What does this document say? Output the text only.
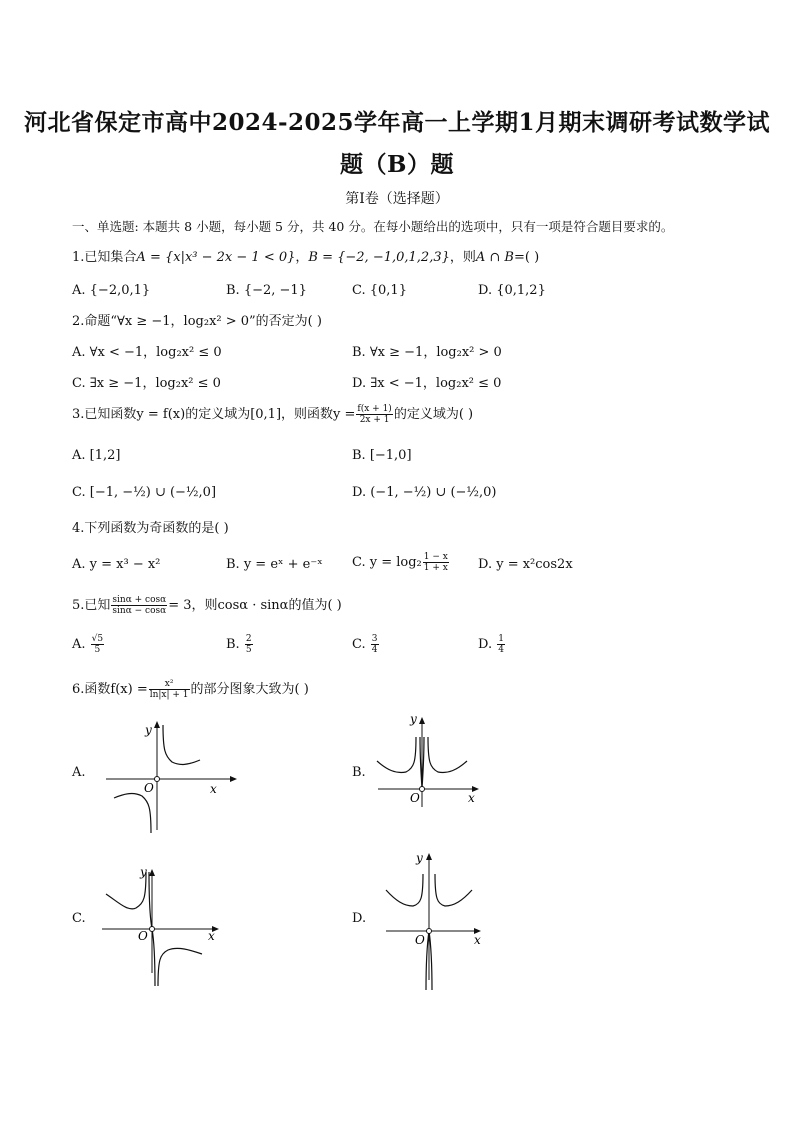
河北省保定市高中2024-2025学年高一上学期1月期末调研考试数学试
题（B）题
第I卷（选择题）
一、单选题: 本题共 8 小题，每小题 5 分，共 40 分。在每小题给出的选项中，只有一项是符合题目要求的。
1.已知集合A = {x|x³ − 2x − 1 < 0}，B = {−2, −1,0,1,2,3}，则A ∩ B=( )
A. {−2,0,1}	B. {−2, −1}	C. {0,1}	D. {0,1,2}
2.命题“∀x ≥ −1，log₂x² > 0”的否定为( )
A. ∀x < −1，log₂x² ≤ 0	B. ∀x ≥ −1，log₂x² > 0
C. ∃x ≥ −1，log₂x² ≤ 0	D. ∃x < −1，log₂x² ≤ 0
3.已知函数y = f(x)的定义域为[0,1]，则函数$y = \frac{f(x + 1)}{2x + 1}$ 的定义域为( )
A. [1,2]	B. [−1,0]
C. [−1, −½) ∪ (−½,0]	D. (−1, −½) ∪ (−½,0)
4.下列函数为奇函数的是( )
A. y = x³ − x²	B. y = eˣ + e⁻ˣ C. $y = \log_2 \frac{1 - x}{1 + x} D$. y = x²cos2x
5.已知 $\frac{\sin\alpha + \cos\alpha}{\sin\alpha - \cos\alpha} = 3$，则cosα · sinα的值为( )
A. $\frac{√5}{5}$	B. $\frac{2}{5}$	C. $\frac{3}{4}$	D. $\frac{1}{4}$
6.函数$f(x) = \frac{\text{x²}}{\ln|x| + 1}$ 的部分图象大致为( )
A.	B.
C.	D.
y
x
O
y
x
O
y
x
O
y
x
O
